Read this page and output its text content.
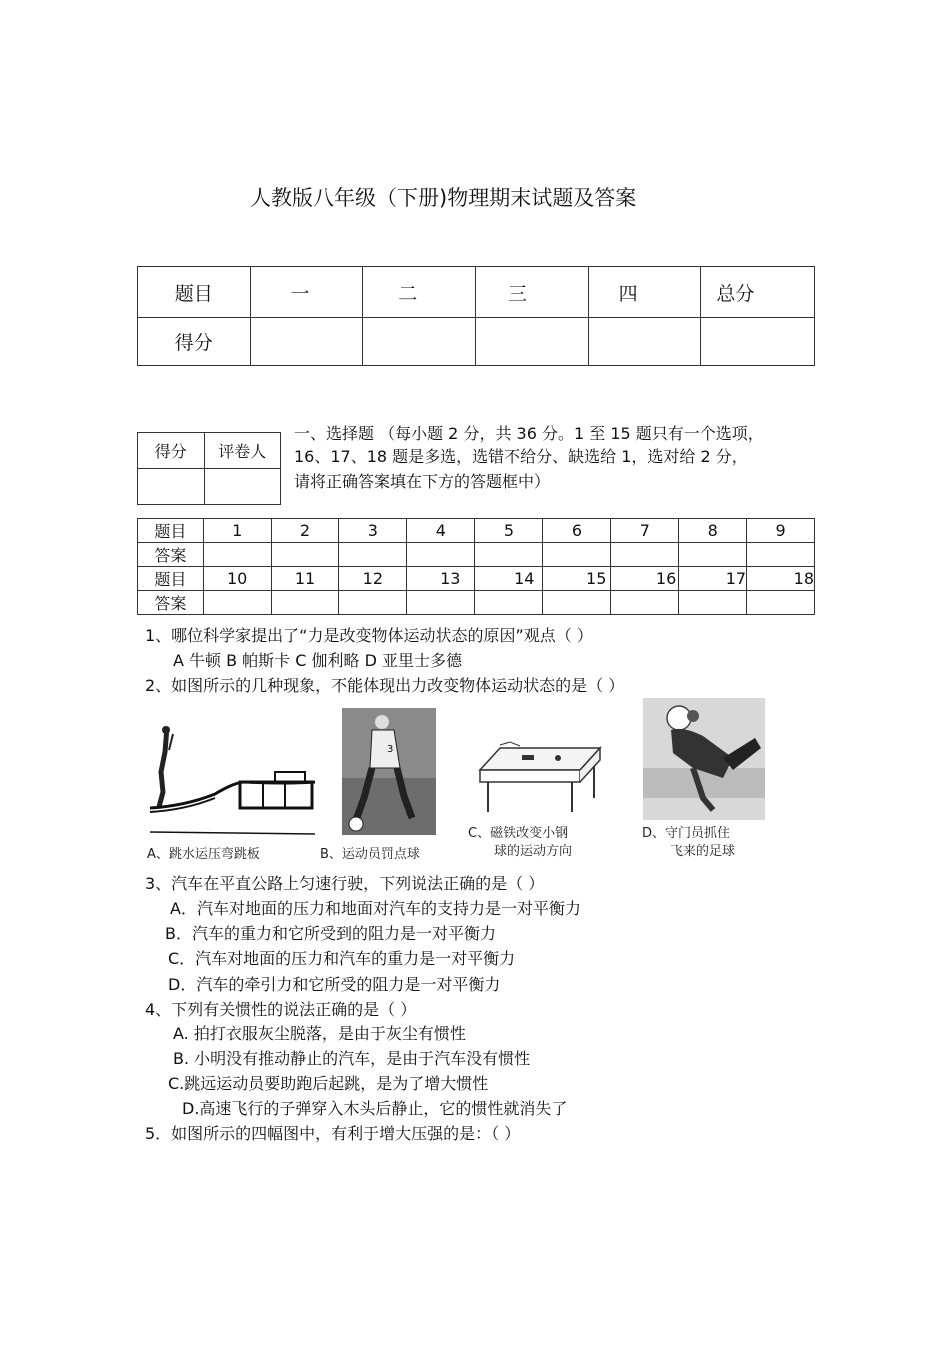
人教版八年级（下册)物理期末试题及答案
题目	一	二	三	四	总分
得分					
得分	评卷人

一、选择题 （每小题 2 分，共 36 分。1 至 15 题只有一个选项，
16、17、18 题是多选，选错不给分、缺选给 1，选对给 2 分，
请将正确答案填在下方的答题框中）
题目	1	2	3	4	5	6	7	8	9
答案									
题目	10	11	12	13	14	15	16	17	18
答案									
1、哪位科学家提出了“力是改变物体运动状态的原因”观点（ ）
A 牛顿 B 帕斯卡 C 伽利略 D 亚里士多德
2、如图所示的几种现象，不能体现出力改变物体运动状态的是（ ）
A、跳水运压弯跳板
3
B、运动员罚点球
C、磁铁改变小钢
球的运动方向
D、守门员抓住
飞来的足球
3、汽车在平直公路上匀速行驶，下列说法正确的是（ ）
A．汽车对地面的压力和地面对汽车的支持力是一对平衡力
B．汽车的重力和它所受到的阻力是一对平衡力
C．汽车对地面的压力和汽车的重力是一对平衡力
D．汽车的牵引力和它所受的阻力是一对平衡力
4、下列有关惯性的说法正确的是（ ）
A. 拍打衣服灰尘脱落，是由于灰尘有惯性
B. 小明没有推动静止的汽车，是由于汽车没有惯性
C.跳远运动员要助跑后起跳，是为了增大惯性
D.高速飞行的子弹穿入木头后静止，它的惯性就消失了
5．如图所示的四幅图中，有利于增大压强的是：（ ）
